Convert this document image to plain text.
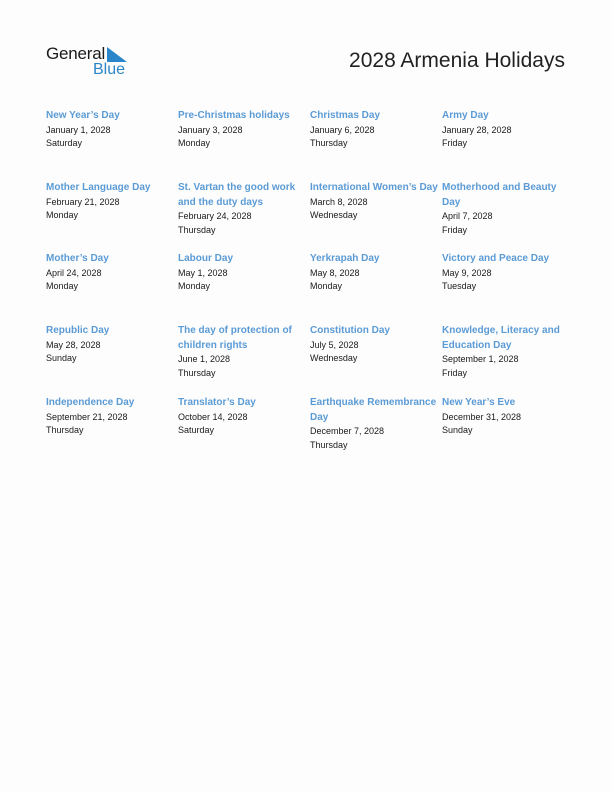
General
Blue	2028 Armenia Holidays
New Year’s Day
January 1, 2028
Saturday
Pre-Christmas holidays
January 3, 2028
Monday
Christmas Day
January 6, 2028
Thursday
Army Day
January 28, 2028
Friday
Mother Language Day
February 21, 2028
Monday
St. Vartan the good work and the duty days
February 24, 2028
Thursday
International Women’s Day
March 8, 2028
Wednesday
Motherhood and Beauty Day
April 7, 2028
Friday
Mother’s Day
April 24, 2028
Monday
Labour Day
May 1, 2028
Monday
Yerkrapah Day
May 8, 2028
Monday
Victory and Peace Day
May 9, 2028
Tuesday
Republic Day
May 28, 2028
Sunday
The day of protection of children rights
June 1, 2028
Thursday
Constitution Day
July 5, 2028
Wednesday
Knowledge, Literacy and Education Day
September 1, 2028
Friday
Independence Day
September 21, 2028
Thursday
Translator’s Day
October 14, 2028
Saturday
Earthquake Remembrance Day
December 7, 2028
Thursday
New Year’s Eve
December 31, 2028
Sunday
